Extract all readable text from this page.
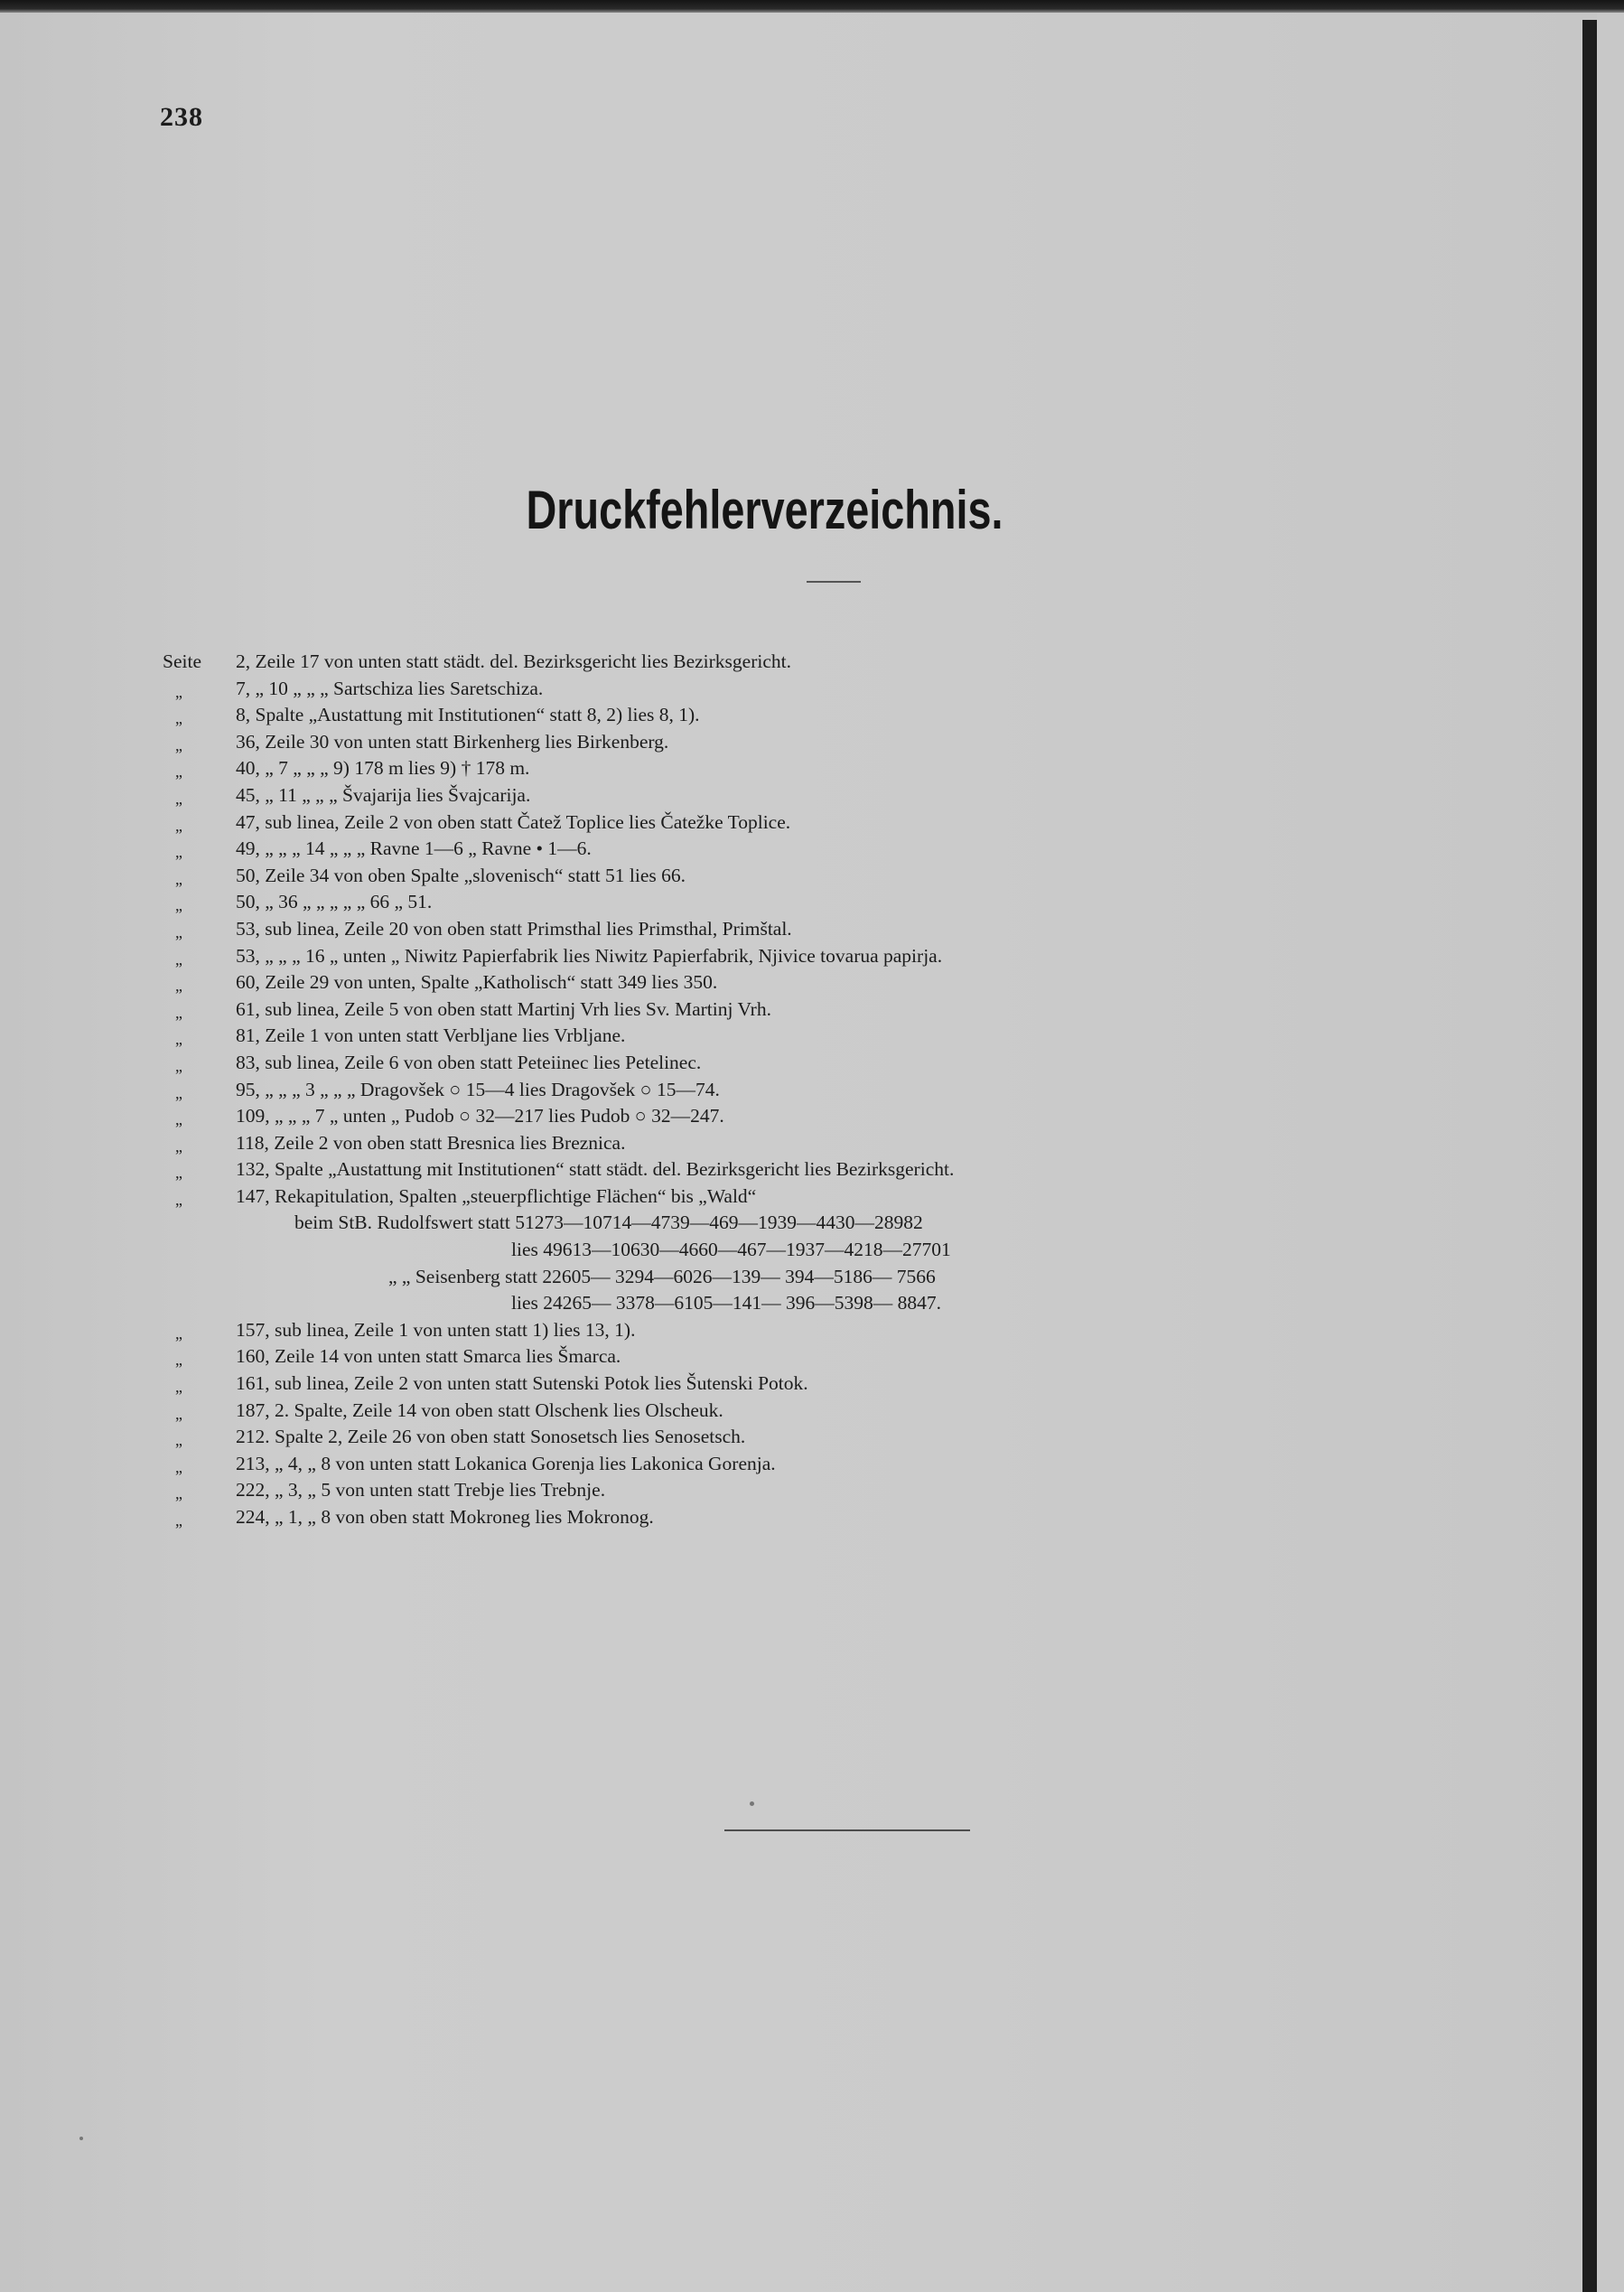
238
Druckfehlerverzeichnis.
Seite	2, Zeile 17 von unten statt städt. del. Bezirksgericht lies Bezirksgericht.
„	7, „ 10 „ „ „ Sartschiza lies Saretschiza.
„	8, Spalte „Austattung mit Institutionen“ statt 8, 2) lies 8, 1).
„	36, Zeile 30 von unten statt Birkenherg lies Birkenberg.
„	40, „ 7 „ „ „ 9) 178 m lies 9) † 178 m.
„	45, „ 11 „ „ „ Švajarija lies Švajcarija.
„	47, sub linea, Zeile 2 von oben statt Čatež Toplice lies Čatežke Toplice.
„	49, „ „ „ 14 „ „ „ Ravne 1—6 „ Ravne • 1—6.
„	50, Zeile 34 von oben Spalte „slovenisch“ statt 51 lies 66.
„	50, „ 36 „ „ „ „ „ 66 „ 51.
„	53, sub linea, Zeile 20 von oben statt Primsthal lies Primsthal, Primštal.
„	53, „ „ „ 16 „ unten „ Niwitz Papierfabrik lies Niwitz Papierfabrik, Njivice tovarua papirja.
„	60, Zeile 29 von unten, Spalte „Katholisch“ statt 349 lies 350.
„	61, sub linea, Zeile 5 von oben statt Martinj Vrh lies Sv. Martinj Vrh.
„	81, Zeile 1 von unten statt Verbljane lies Vrbljane.
„	83, sub linea, Zeile 6 von oben statt Peteiinec lies Petelinec.
„	95, „ „ „ 3 „ „ „ Dragovšek ○ 15—4 lies Dragovšek ○ 15—74.
„	109, „ „ „ 7 „ unten „ Pudob ○ 32—217 lies Pudob ○ 32—247.
„	118, Zeile 2 von oben statt Bresnica lies Breznica.
„	132, Spalte „Austattung mit Institutionen“ statt städt. del. Bezirksgericht lies Bezirksgericht.
„	147, Rekapitulation, Spalten „steuerpflichtige Flächen“ bis „Wald“
beim StB. Rudolfswert statt 51273—10714—4739—469—1939—4430—28982
lies 49613—10630—4660—467—1937—4218—27701
„ „ Seisenberg statt 22605— 3294—6026—139— 394—5186— 7566
lies 24265— 3378—6105—141— 396—5398— 8847.
„	157, sub linea, Zeile 1 von unten statt 1) lies 13, 1).
„	160, Zeile 14 von unten statt Smarca lies Šmarca.
„	161, sub linea, Zeile 2 von unten statt Sutenski Potok lies Šutenski Potok.
„	187, 2. Spalte, Zeile 14 von oben statt Olschenk lies Olscheuk.
„	212. Spalte 2, Zeile 26 von oben statt Sonosetsch lies Senosetsch.
„	213, „ 4, „ 8 von unten statt Lokanica Gorenja lies Lakonica Gorenja.
„	222, „ 3, „ 5 von unten statt Trebje lies Trebnje.
„	224, „ 1, „ 8 von oben statt Mokroneg lies Mokronog.
